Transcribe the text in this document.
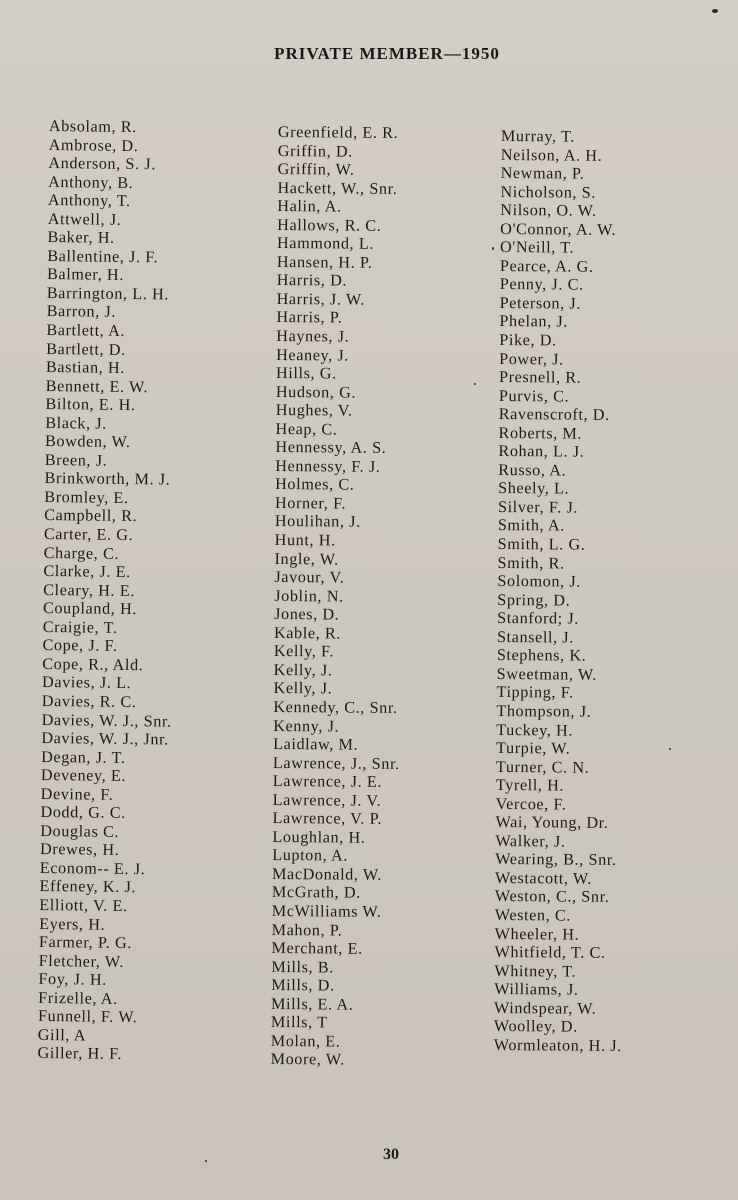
PRIVATE MEMBER—1950
Absolam, R.
Ambrose, D.
Anderson, S. J.
Anthony, B.
Anthony, T.
Attwell, J.
Baker, H.
Ballentine, J. F.
Balmer, H.
Barrington, L. H.
Barron, J.
Bartlett, A.
Bartlett, D.
Bastian, H.
Bennett, E. W.
Bilton, E. H.
Black, J.
Bowden, W.
Breen, J.
Brinkworth, M. J.
Bromley, E.
Campbell, R.
Carter, E. G.
Charge, C.
Clarke, J. E.
Cleary, H. E.
Coupland, H.
Craigie, T.
Cope, J. F.
Cope, R., Ald.
Davies, J. L.
Davies, R. C.
Davies, W. J., Snr.
Davies, W. J., Jnr.
Degan, J. T.
Deveney, E.
Devine, F.
Dodd, G. C.
Douglas C.
Drewes, H.
Econom-- E. J.
Effeney, K. J.
Elliott, V. E.
Eyers, H.
Farmer, P. G.
Fletcher, W.
Foy, J. H.
Frizelle, A.
Funnell, F. W.
Gill, A
Giller, H. F.
Greenfield, E. R.
Griffin, D.
Griffin, W.
Hackett, W., Snr.
Halin, A.
Hallows, R. C.
Hammond, L.
Hansen, H. P.
Harris, D.
Harris, J. W.
Harris, P.
Haynes, J.
Heaney, J.
Hills, G.
Hudson, G.
Hughes, V.
Heap, C.
Hennessy, A. S.
Hennessy, F. J.
Holmes, C.
Horner, F.
Houlihan, J.
Hunt, H.
Ingle, W.
Javour, V.
Joblin, N.
Jones, D.
Kable, R.
Kelly, F.
Kelly, J.
Kelly, J.
Kennedy, C., Snr.
Kenny, J.
Laidlaw, M.
Lawrence, J., Snr.
Lawrence, J. E.
Lawrence, J. V.
Lawrence, V. P.
Loughlan, H.
Lupton, A.
MacDonald, W.
McGrath, D.
McWilliams W.
Mahon, P.
Merchant, E.
Mills, B.
Mills, D.
Mills, E. A.
Mills, T
Molan, E.
Moore, W.
Murray, T.
Neilson, A. H.
Newman, P.
Nicholson, S.
Nilson, O. W.
O'Connor, A. W.
O'Neill, T.
Pearce, A. G.
Penny, J. C.
Peterson, J.
Phelan, J.
Pike, D.
Power, J.
Presnell, R.
Purvis, C.
Ravenscroft, D.
Roberts, M.
Rohan, L. J.
Russo, A.
Sheely, L.
Silver, F. J.
Smith, A.
Smith, L. G.
Smith, R.
Solomon, J.
Spring, D.
Stanford; J.
Stansell, J.
Stephens, K.
Sweetman, W.
Tipping, F.
Thompson, J.
Tuckey, H.
Turpie, W.
Turner, C. N.
Tyrell, H.
Vercoe, F.
Wai, Young, Dr.
Walker, J.
Wearing, B., Snr.
Westacott, W.
Weston, C., Snr.
Westen, C.
Wheeler, H.
Whitfield, T. C.
Whitney, T.
Williams, J.
Windspear, W.
Woolley, D.
Wormleaton, H. J.
30
